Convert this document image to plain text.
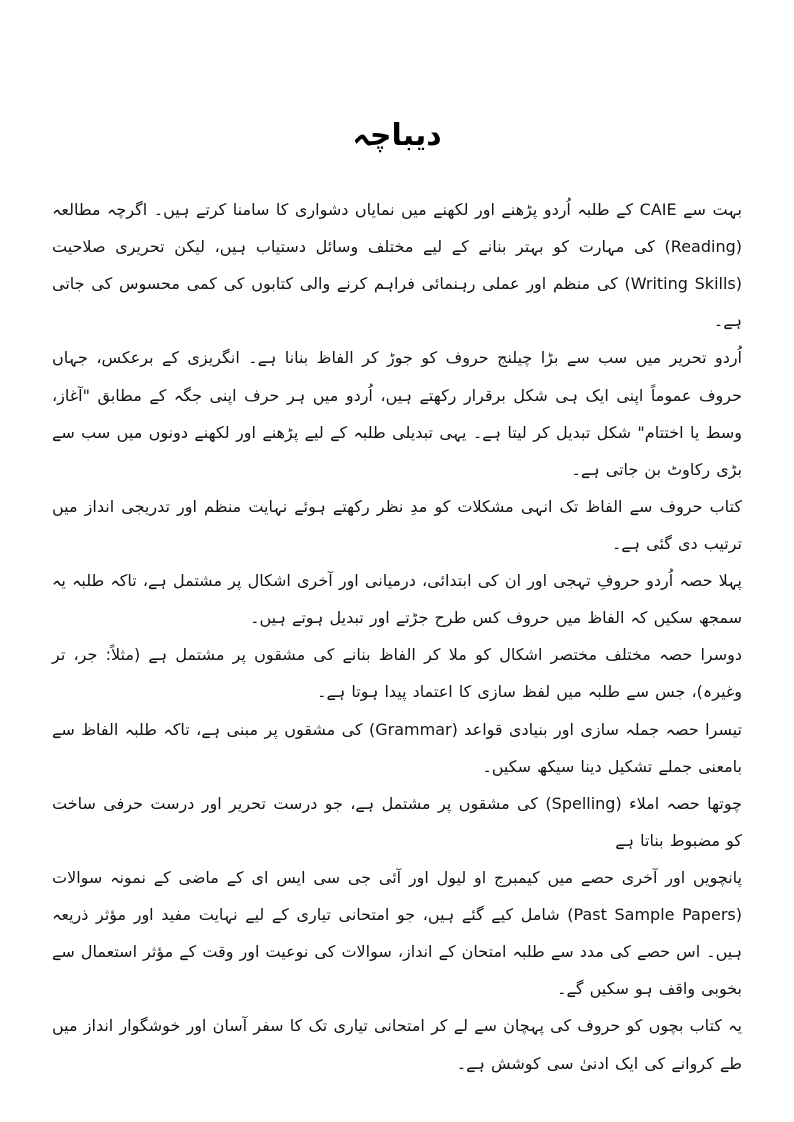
دیباچہ

بہت سے CAIE کے طلبہ اُردو پڑھنے اور لکھنے میں نمایاں دشواری کا سامنا کرتے ہیں۔ اگرچہ مطالعہ (Reading) کی مہارت کو بہتر بنانے کے لیے مختلف وسائل دستیاب ہیں، لیکن تحریری صلاحیت (Writing Skills) کی منظم اور عملی رہنمائی فراہم کرنے والی کتابوں کی کمی محسوس کی جاتی ہے۔

اُردو تحریر میں سب سے بڑا چیلنج حروف کو جوڑ کر الفاظ بنانا ہے۔ انگریزی کے برعکس، جہاں حروف عموماً اپنی ایک ہی شکل برقرار رکھتے ہیں، اُردو میں ہر حرف اپنی جگہ کے مطابق "آغاز، وسط یا اختتام" شکل تبدیل کر لیتا ہے۔ یہی تبدیلی طلبہ کے لیے پڑھنے اور لکھنے دونوں میں سب سے بڑی رکاوٹ بن جاتی ہے۔

کتاب حروف سے الفاظ تک انہی مشکلات کو مدِ نظر رکھتے ہوئے نہایت منظم اور تدریجی انداز میں ترتیب دی گئی ہے۔

پہلا حصہ اُردو حروفِ تہجی اور ان کی ابتدائی، درمیانی اور آخری اشکال پر مشتمل ہے، تاکہ طلبہ یہ سمجھ سکیں کہ الفاظ میں حروف کس طرح جڑتے اور تبدیل ہوتے ہیں۔

دوسرا حصہ مختلف مختصر اشکال کو ملا کر الفاظ بنانے کی مشقوں پر مشتمل ہے (مثلاً: جر، تر وغیرہ)، جس سے طلبہ میں لفظ سازی کا اعتماد پیدا ہوتا ہے۔

تیسرا حصہ جملہ سازی اور بنیادی قواعد (Grammar) کی مشقوں پر مبنی ہے، تاکہ طلبہ الفاظ سے بامعنی جملے تشکیل دینا سیکھ سکیں۔

چوتھا حصہ املاء (Spelling) کی مشقوں پر مشتمل ہے، جو درست تحریر اور درست حرفی ساخت کو مضبوط بناتا ہے

پانچویں اور آخری حصے میں کیمبرج او لیول اور آئی جی سی ایس ای کے ماضی کے نمونہ سوالات (Past Sample Papers) شامل کیے گئے ہیں، جو امتحانی تیاری کے لیے نہایت مفید اور مؤثر ذریعہ ہیں۔ اس حصے کی مدد سے طلبہ امتحان کے انداز، سوالات کی نوعیت اور وقت کے مؤثر استعمال سے بخوبی واقف ہو سکیں گے۔

یہ کتاب بچوں کو حروف کی پہچان سے لے کر امتحانی تیاری تک کا سفر آسان اور خوشگوار انداز میں طے کروانے کی ایک ادنیٰ سی کوشش ہے۔
